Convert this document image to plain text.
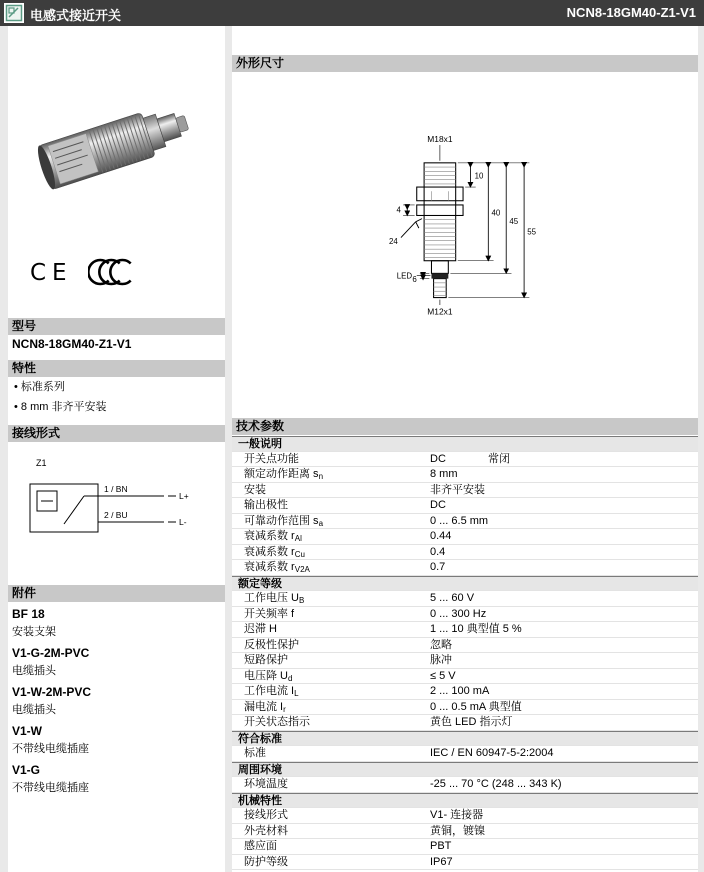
电感式接近开关	NCN8-18GM40-Z1-V1
CE
型号
NCN8-18GM40-Z1-V1
特性
• 标准系列
• 8 mm 非齐平安装
接线形式
Z1
1 / BN
L+
2 / BU
L-
附件
BF 18
安装支架
V1-G-2M-PVC
电缆插头
V1-W-2M-PVC
电缆插头
V1-W
不带线电缆插座
V1-G
不带线电缆插座
外形尺寸
M18x1
M12x1
LED
10
40
45
55
4
24
6
技术参数
一般说明
开关点功能	DC	常闭
额定动作距离 $s_n$	8 mm
安装	非齐平安装
输出极性	DC
可靠动作范围 $s_a$	0 ... 6.5 mm
衰减系数 $r_{Al}$	0.44
衰减系数 $r_{Cu}$	0.4
衰减系数 $r_{V2A}$	0.7
额定等级
工作电压 $U_B$	5 ... 60 V
开关频率 f	0 ... 300 Hz
迟滞 H	1 ... 10 典型值 5 %
反极性保护	忽略
短路保护	脉冲
电压降 $U_d$	≤ 5 V
工作电流 $I_L$	2 ... 100 mA
漏电流 $I_r$	0 ... 0.5 mA 典型值
开关状态指示	黄色 LED 指示灯
符合标准
标准	IEC / EN 60947-5-2:2004
周围环境
环境温度	-25 ... 70 °C (248 ... 343 K)
机械特性
接线形式	V1- 连接器
外壳材料	黄铜，镀镍
感应面	PBT
防护等级	IP67
